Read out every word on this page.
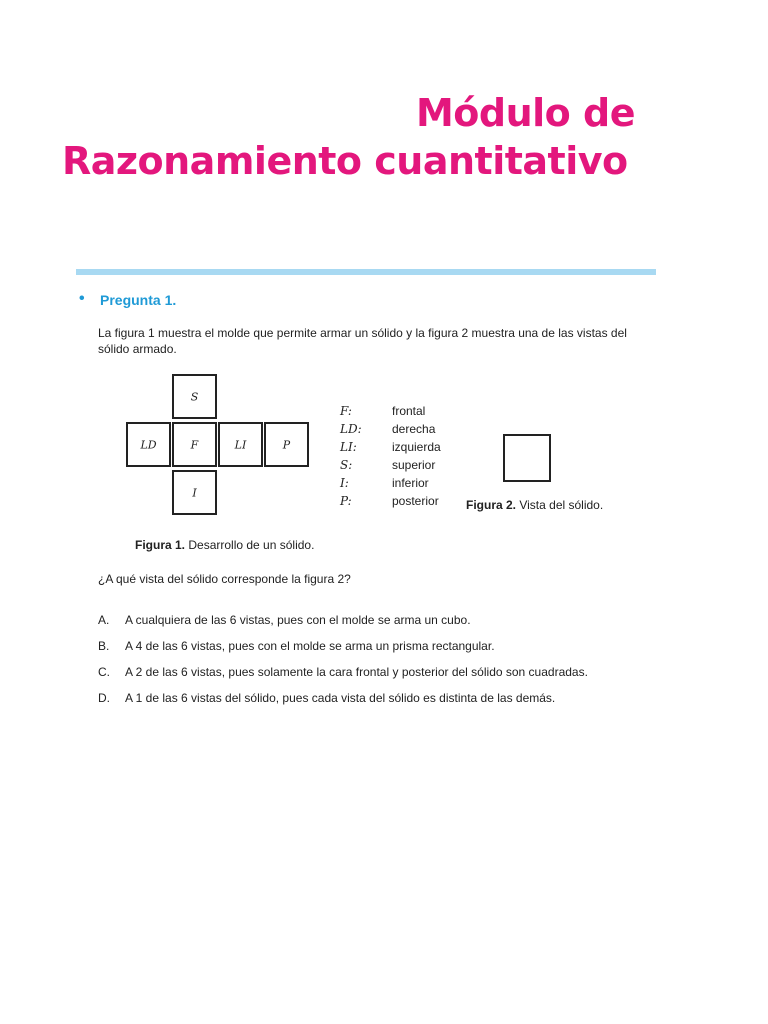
Módulo de
Razonamiento cuantitativo
• Pregunta 1.
La figura 1 muestra el molde que permite armar un sólido y la figura 2 muestra una de las vistas del sólido armado.
S
LD	F	LI	P
I
F:	frontal
LD:	derecha
LI:	izquierda
S:	superior
I:	inferior
P:	posterior Figura 2. Vista del sólido.
Figura 1. Desarrollo de un sólido.
¿A qué vista del sólido corresponde la figura 2?
A. A cualquiera de las 6 vistas, pues con el molde se arma un cubo.
B. A 4 de las 6 vistas, pues con el molde se arma un prisma rectangular.
C. A 2 de las 6 vistas, pues solamente la cara frontal y posterior del sólido son cuadradas.
D. A 1 de las 6 vistas del sólido, pues cada vista del sólido es distinta de las demás.
